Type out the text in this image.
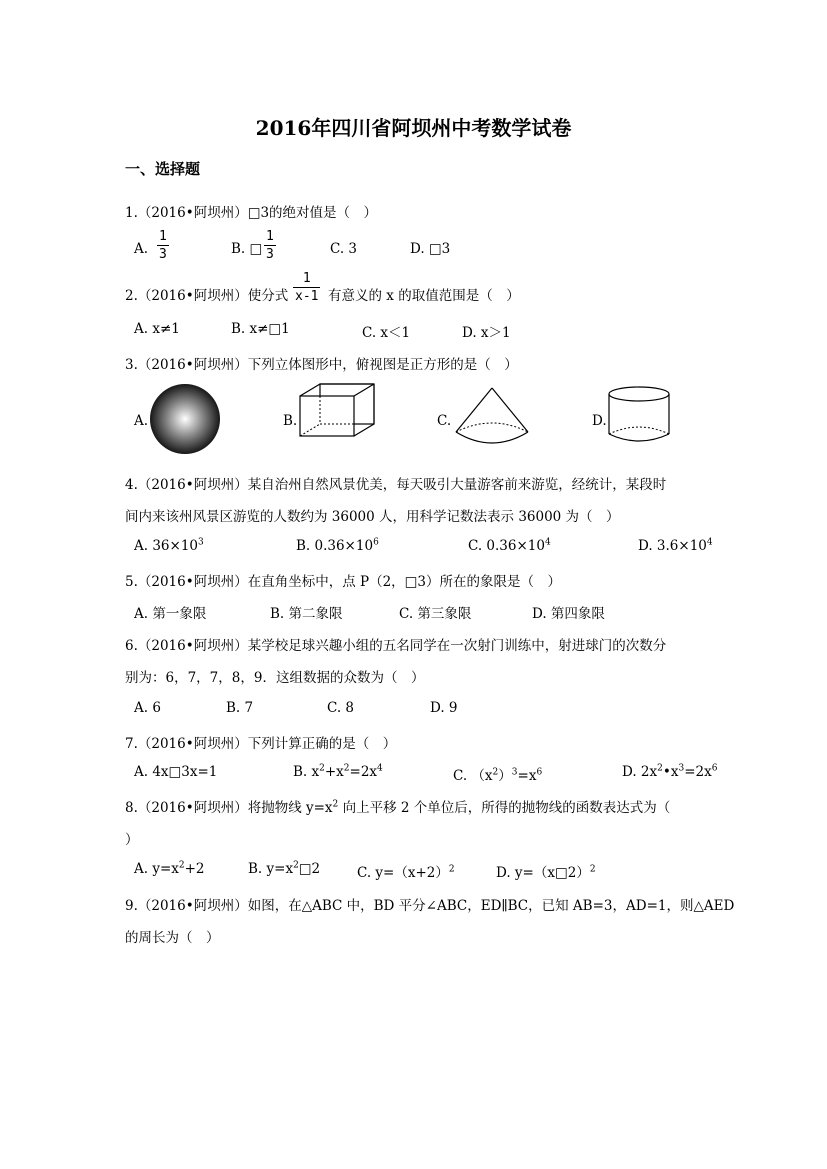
2016年四川省阿坝州中考数学试卷
一、选择题
1.（2016•阿坝州）□3的绝对值是（　）
A.
1
3	B. □
1
3	C. 3	D. □3
2.（2016•阿坝州）使分式
1
x-1 有意义的 x 的取值范围是（　）
A. x≠1	B. x≠□1	C. x＜1	D. x＞1
3.（2016•阿坝州）下列立体图形中，俯视图是正方形的是（　）
A.	B.	C.	D.
4.（2016•阿坝州）某自治州自然风景优美，每天吸引大量游客前来游览，经统计，某段时
间内来该州风景区游览的人数约为 36000 人，用科学记数法表示 36000 为（　）
A. $36\times 10^3$	B. $0.36\times 10^6$	C. $0.36\times 10^4$	D. $3.6\times 10^4$
5.（2016•阿坝州）在直角坐标中，点 P（2，□3）所在的象限是（　）
A. 第一象限	B. 第二象限	C. 第三象限	D. 第四象限
6.（2016•阿坝州）某学校足球兴趣小组的五名同学在一次射门训练中，射进球门的次数分
别为：6，7，7，8，9．这组数据的众数为（　）
A. 6	B. 7	C. 8	D. 9
7.（2016•阿坝州）下列计算正确的是（　）
A. 4x□3x=1	B. $x^2+x^2=2x^4$	C. $(x^2)^3=x^6$	D. $2x^2•x^3=2x^6$
8.（2016•阿坝州）将抛物线 $y=x^2$ 向上平移 2 个单位后，所得的抛物线的函数表达式为（
）
A. $y=x^2+2$	B. $y=x^2□2$	C. $y=(x+2)^2$	D. y=（x□2）$^2$
9.（2016•阿坝州）如图，在△ABC 中，BD 平分∠ABC，ED∥BC，已知 AB=3，AD=1，则△AED
的周长为（　）
